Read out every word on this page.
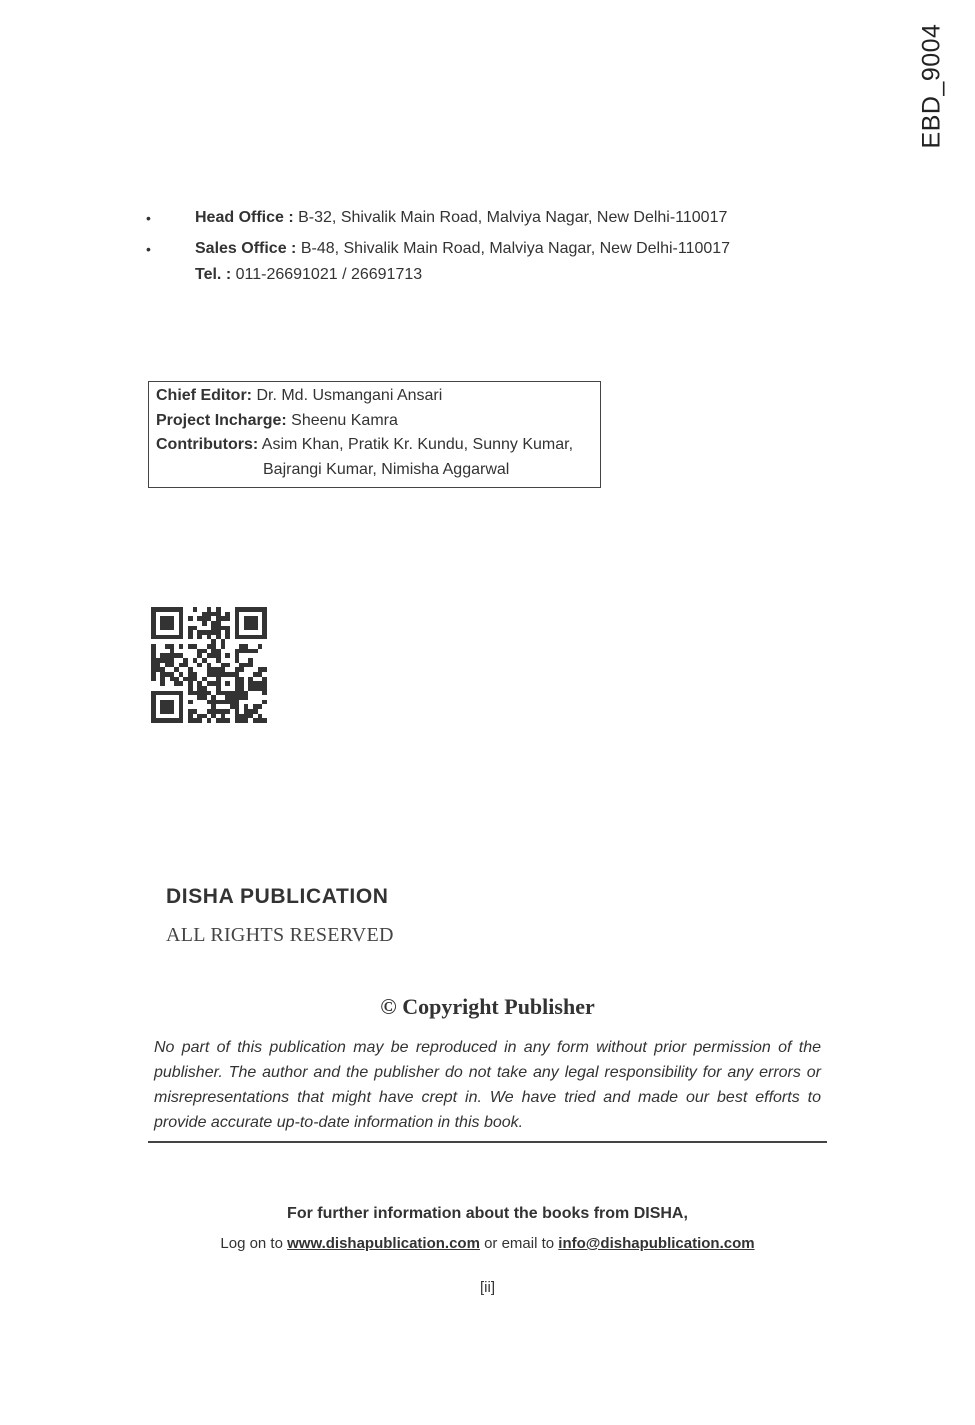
EBD_9004
•	Head Office : B-32, Shivalik Main Road, Malviya Nagar, New Delhi-110017
•	Sales Office : B-48, Shivalik Main Road, Malviya Nagar, New Delhi-110017
Tel. : 011-26691021 / 26691713
Chief Editor: Dr. Md. Usmangani Ansari
Project Incharge: Sheenu Kamra
Contributors: Asim Khan, Pratik Kr. Kundu, Sunny Kumar,
Bajrangi Kumar, Nimisha Aggarwal
DISHA PUBLICATION
ALL RIGHTS RESERVED
© Copyright Publisher
No part of this publication may be reproduced in any form without prior permission of the publisher. The author and the publisher do not take any legal responsibility for any errors or misrepresentations that might have crept in. We have tried and made our best efforts to provide accurate up-to-date information in this book.
For further information about the books from DISHA,
Log on to www.dishapublication.com or email to info@dishapublication.com
[ii]
